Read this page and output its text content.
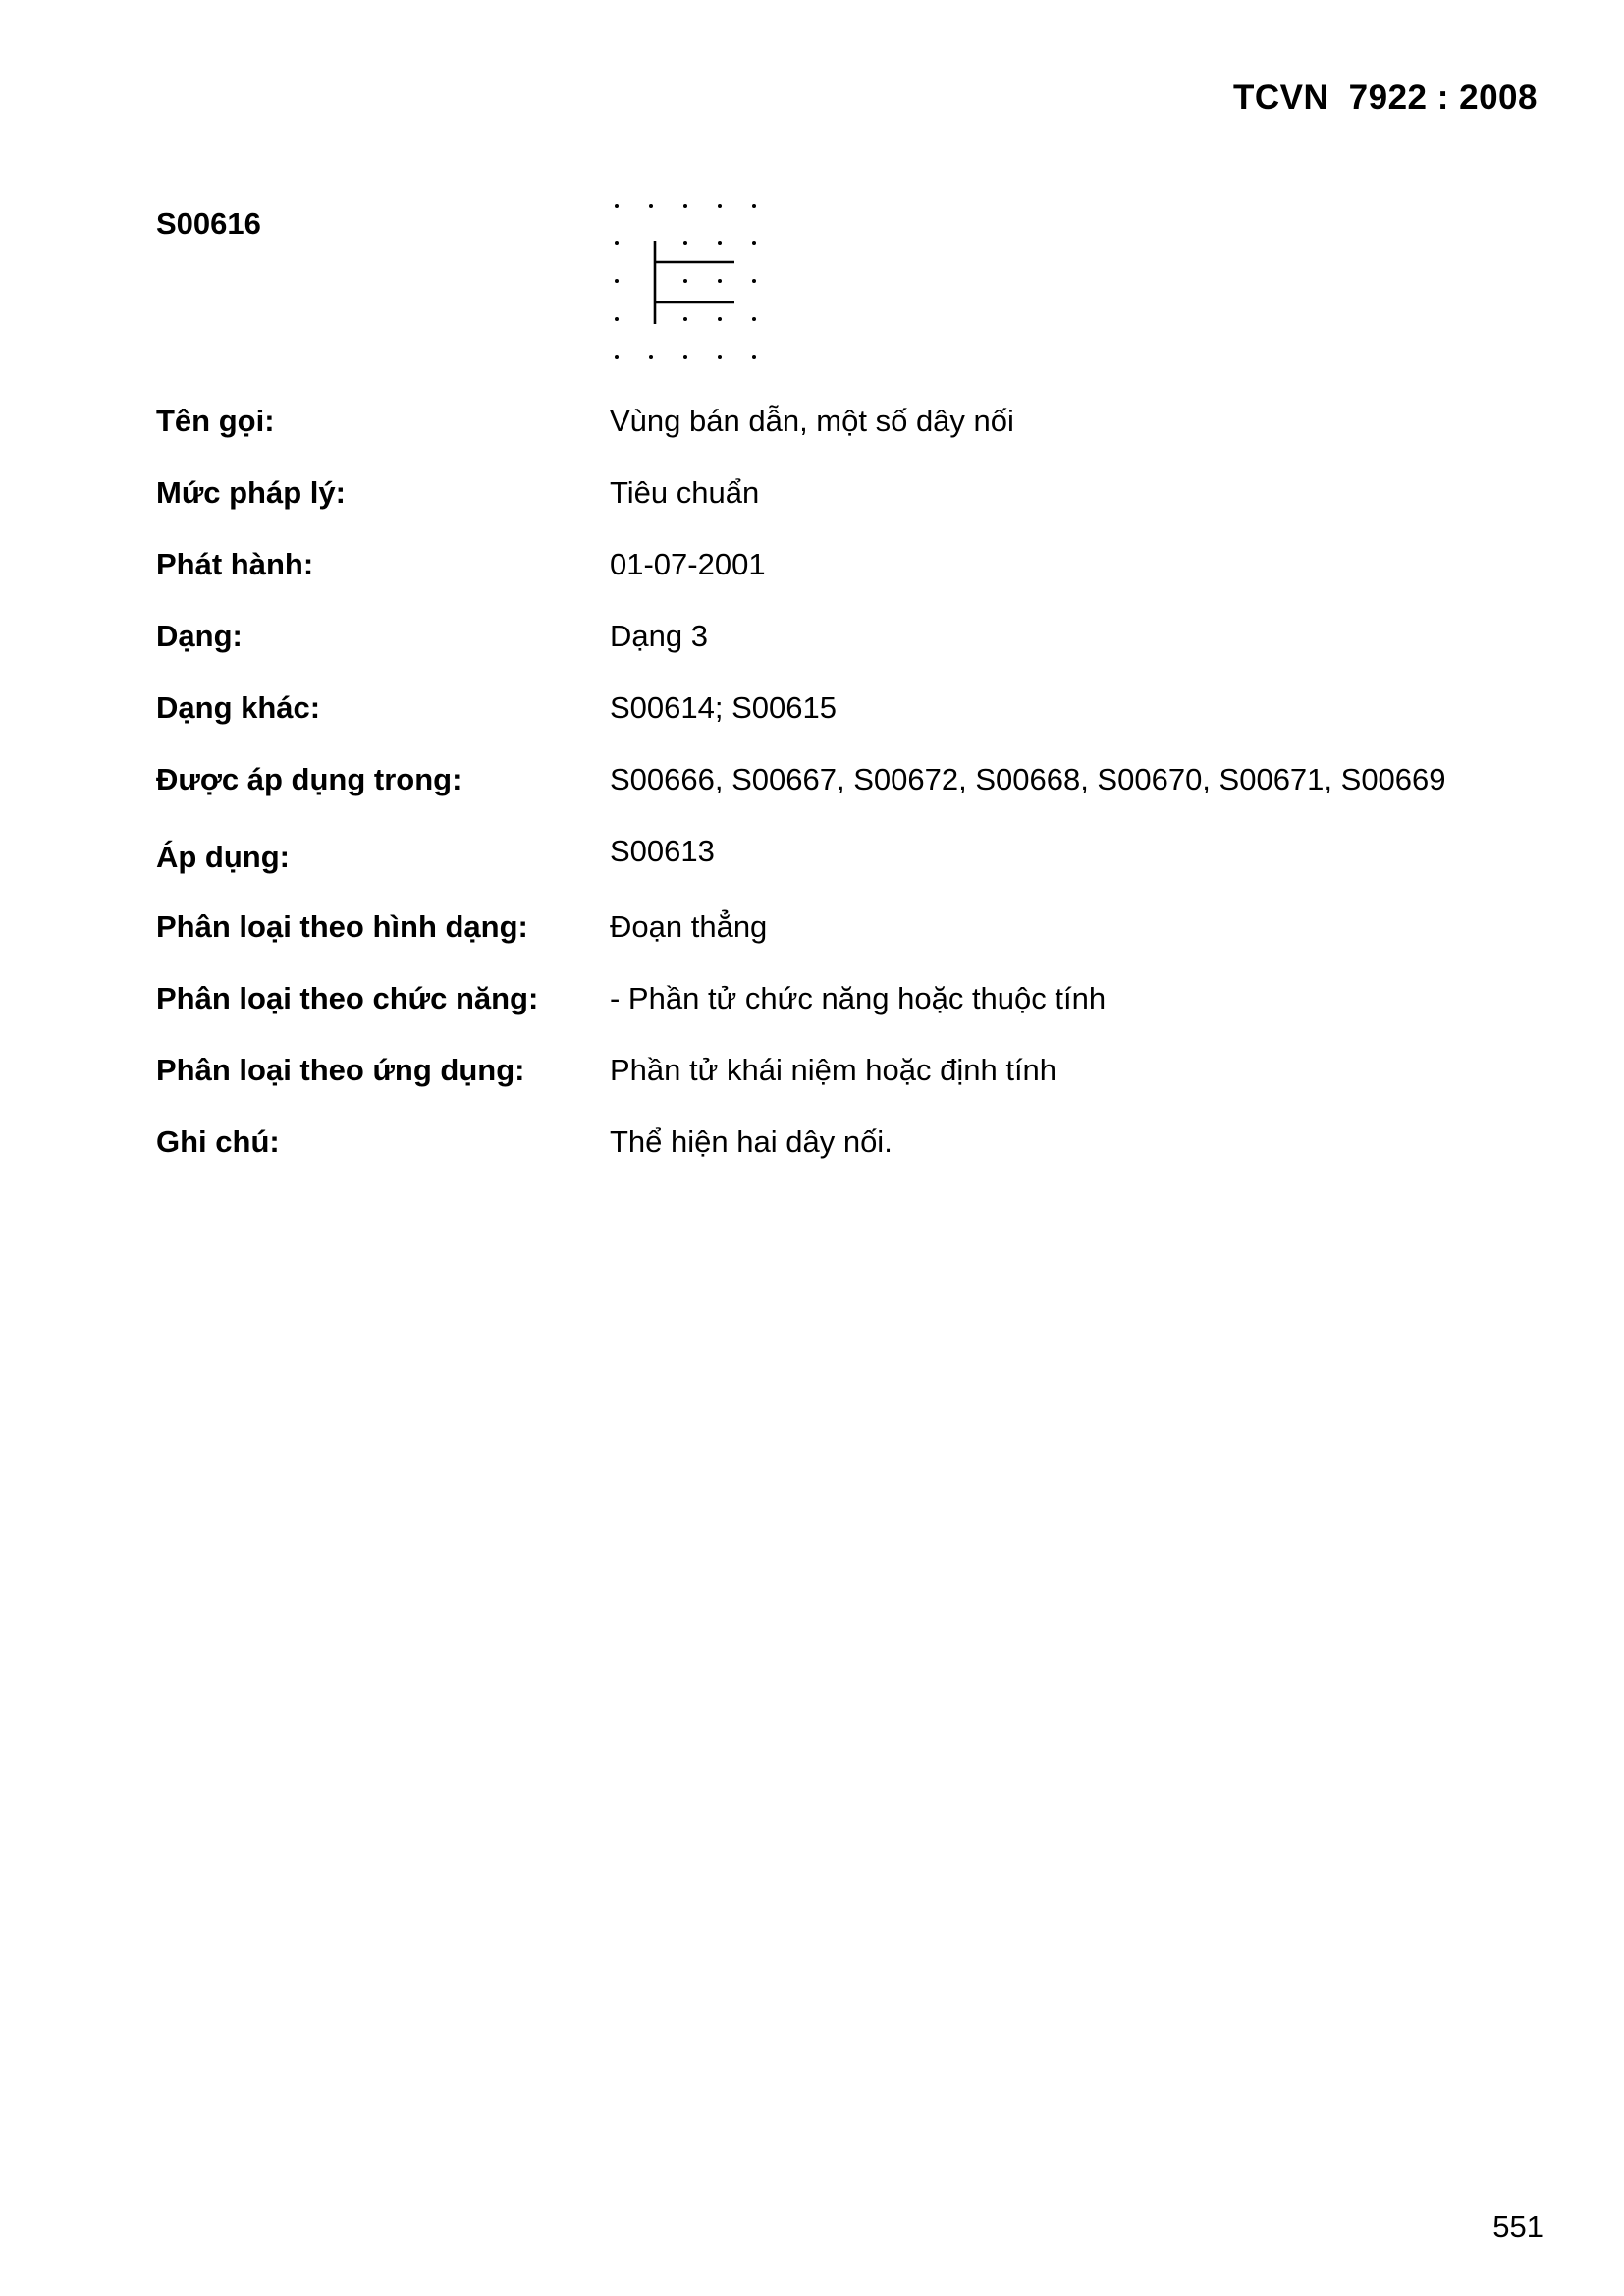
TCVN  7922 : 2008
S00616
Tên gọi:	Vùng bán dẫn, một số dây nối
Mức pháp lý:	Tiêu chuẩn
Phát hành:	01-07-2001
Dạng:	Dạng 3
Dạng khác:	S00614; S00615
Được áp dụng trong:	S00666, S00667, S00672, S00668, S00670, S00671, S00669
Áp dụng:	S00613
Phân loại theo hình dạng:	Đoạn thẳng
Phân loại theo chức năng:	- Phần tử chức năng hoặc thuộc tính
Phân loại theo ứng dụng:	Phần tử khái niệm hoặc định tính
Ghi chú:	Thể hiện hai dây nối.
551
